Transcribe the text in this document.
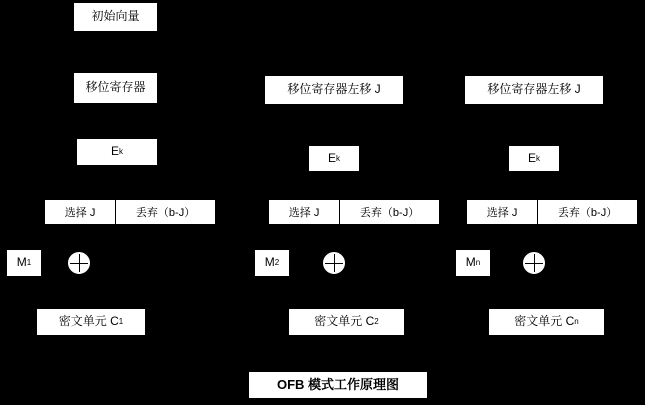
初始向量
移位寄存器
E k
选择 J	丢弃（b-J）
M 1
密文单元 C 1
移位寄存器左移 J
E k
选择 J	丢弃（b-J）
M 2
密文单元 C 2
移位寄存器左移 J
E k
选择 J	丢弃（b-J）
M n
密文单元 C n
OFB 模式工作原理图
